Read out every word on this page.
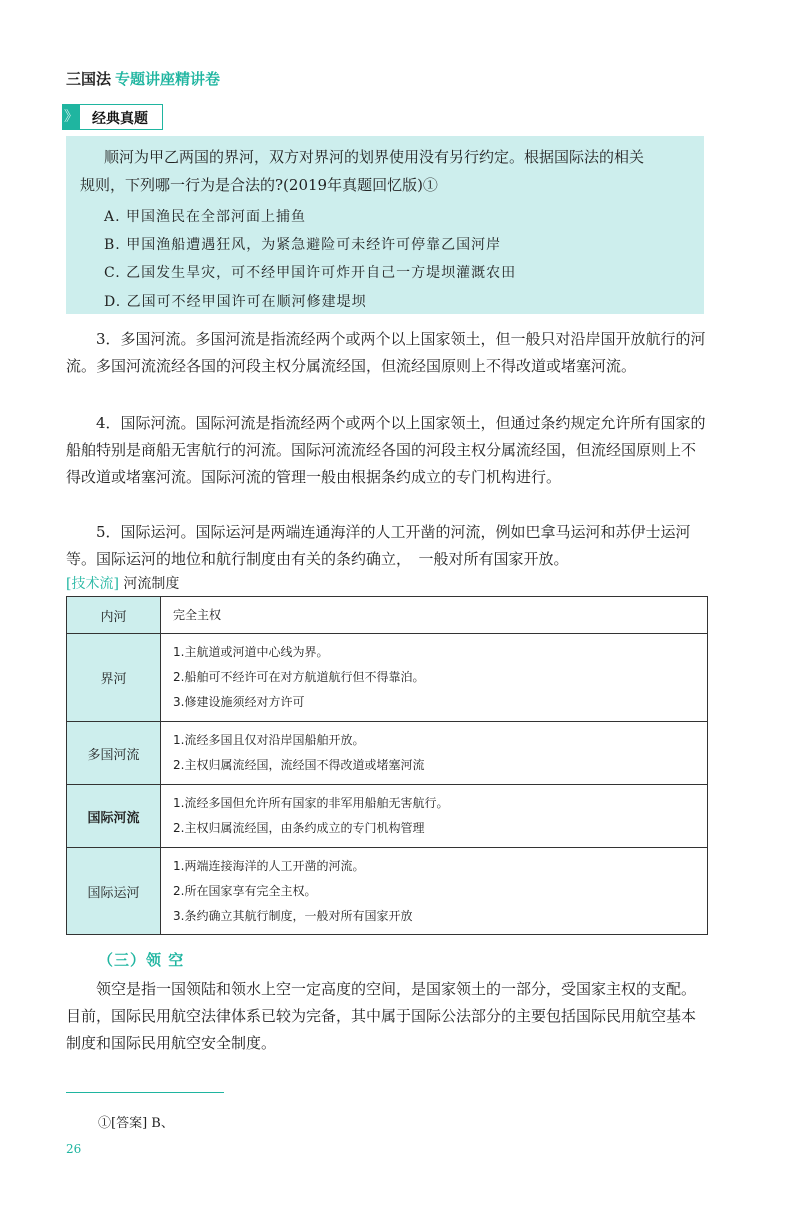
三国法 专题讲座精讲卷
》 经典真题
顺河为甲乙两国的界河，双方对界河的划界使用没有另行约定。根据国际法的相关
规则，下列哪一行为是合法的?(2019年真题回忆版)①
A. 甲国渔民在全部河面上捕鱼
B. 甲国渔船遭遇狂风，为紧急避险可未经许可停靠乙国河岸
C. 乙国发生旱灾，可不经甲国许可炸开自己一方堤坝灌溉农田
D. 乙国可不经甲国许可在顺河修建堤坝
3．多国河流。多国河流是指流经两个或两个以上国家领土，但一般只对沿岸国开放航行的河流。多国河流流经各国的河段主权分属流经国，但流经国原则上不得改道或堵塞河流。
4．国际河流。国际河流是指流经两个或两个以上国家领土，但通过条约规定允许所有国家的船舶特别是商船无害航行的河流。国际河流流经各国的河段主权分属流经国，但流经国原则上不得改道或堵塞河流。国际河流的管理一般由根据条约成立的专门机构进行。
5．国际运河。国际运河是两端连通海洋的人工开凿的河流，例如巴拿马运河和苏伊士运河等。国际运河的地位和航行制度由有关的条约确立，　一般对所有国家开放。
[技术流] 河流制度
内河	完全主权

界河	1.主航道或河道中心线为界。
2.船舶可不经许可在对方航道航行但不得靠泊。
3.修建设施须经对方许可

多国河流	1.流经多国且仅对沿岸国船舶开放。
2.主权归属流经国，流经国不得改道或堵塞河流

国际河流	1.流经多国但允许所有国家的非军用船舶无害航行。
2.主权归属流经国，由条约成立的专门机构管理

国际运河	1.两端连接海洋的人工开凿的河流。
2.所在国家享有完全主权。
3.条约确立其航行制度，一般对所有国家开放
（三）领 空
领空是指一国领陆和领水上空一定高度的空间，是国家领土的一部分，受国家主权的支配。目前，国际民用航空法律体系已较为完备，其中属于国际公法部分的主要包括国际民用航空基本制度和国际民用航空安全制度。
①[答案] B、
26
